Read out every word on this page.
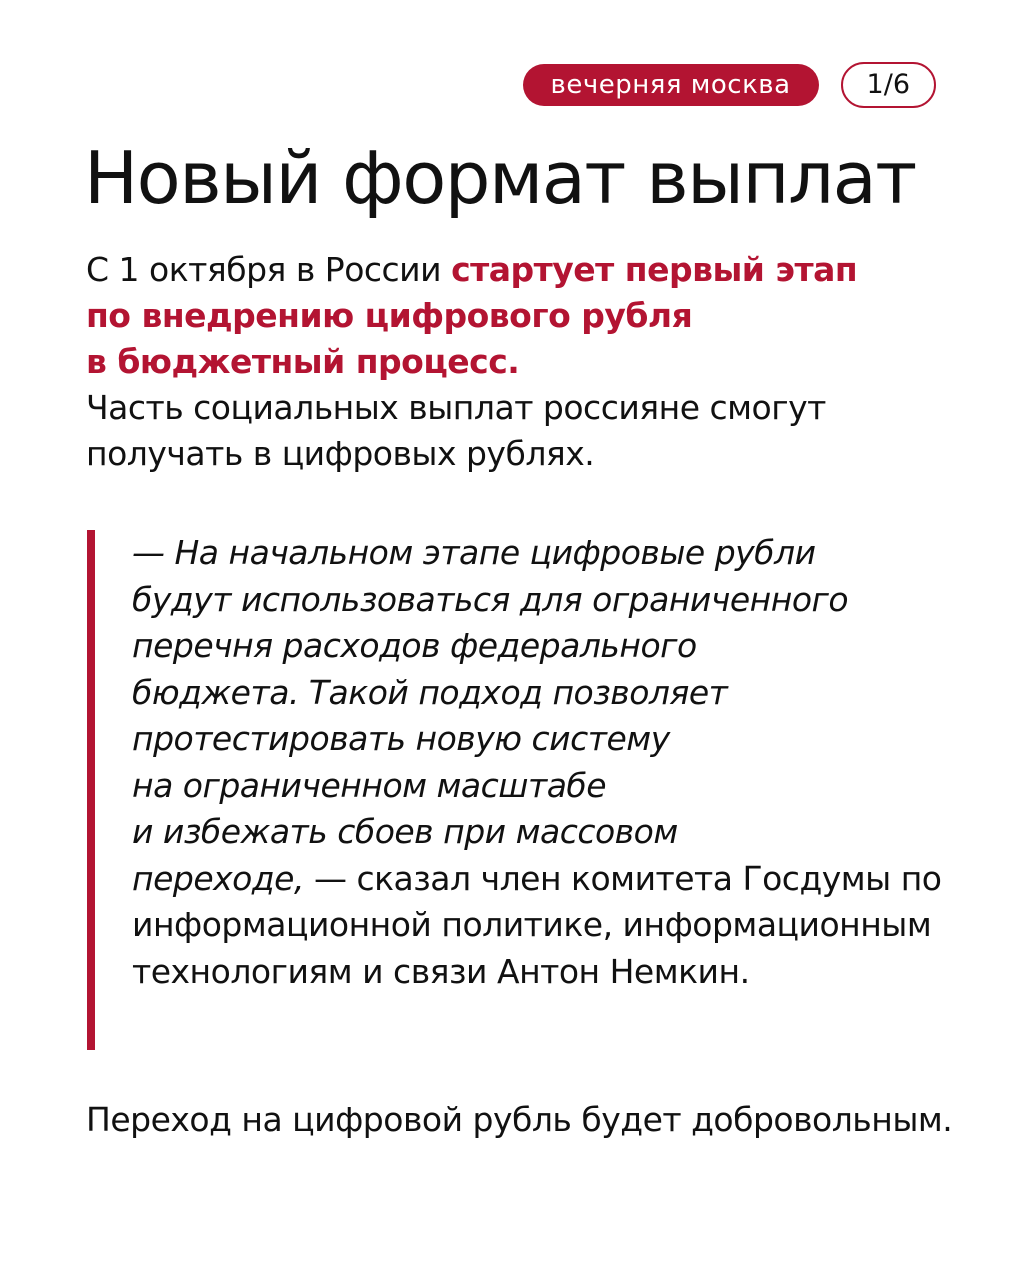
вечерняя москва	1/6
Новый формат выплат

С 1 октября в России стартует первый этап
по внедрению цифрового рубля
в бюджетный процесс.

Часть социальных выплат россияне смогут получать в цифровых рублях.

— На начальном этапе цифровые рубли
будут использоваться для ограниченного
перечня расходов федерального
бюджета. Такой подход позволяет
протестировать новую систему
на ограниченном масштабе
и избежать сбоев при массовом
переходе, — сказал член комитета Госдумы по информационной политике, информационным технологиям и связи Антон Немкин.

Переход на цифровой рубль будет добровольным.
